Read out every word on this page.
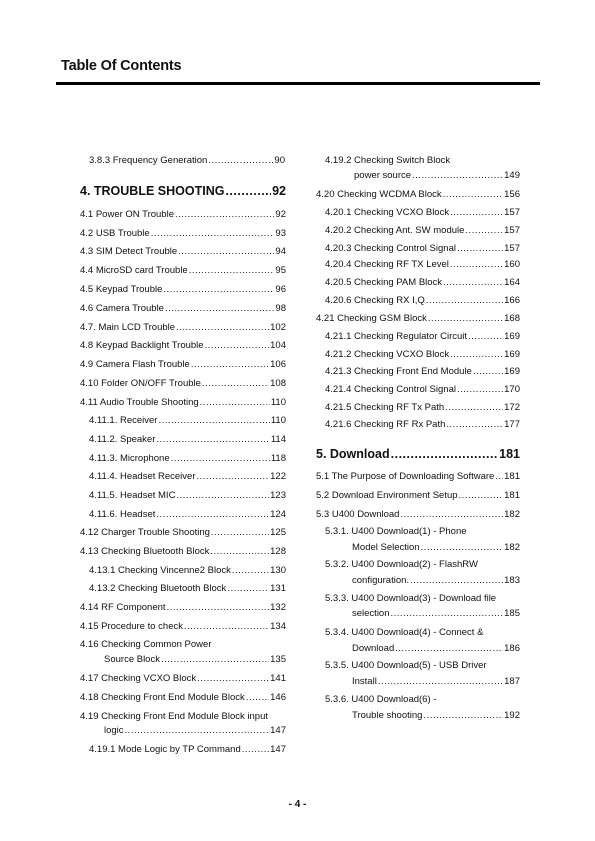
Table Of Contents
3.8.3 Frequency Generation .....	90
4. TROUBLE SHOOTING .....	92
4.1 Power ON Trouble .....	92
4.2 USB Trouble .....	93
4.3 SIM Detect Trouble .....	94
4.4 MicroSD card Trouble .....	95
4.5 Keypad Trouble .....	96
4.6 Camera Trouble .....	98
4.7. Main LCD Trouble .....	102
4.8 Keypad Backlight Trouble .....	104
4.9 Camera Flash Trouble .....	106
4.10 Folder ON/OFF Trouble .....	108
4.11 Audio Trouble Shooting .....	110
4.11.1. Receiver .....	110
4.11.2. Speaker .....	114
4.11.3. Microphone .....	118
4.11.4. Headset Receiver .....	122
4.11.5. Headset MIC .....	123
4.11.6. Headset .....	124
4.12 Charger Trouble Shooting .....	125
4.13 Checking Bluetooth Block .....	128
4.13.1 Checking Vincenne2 Block .....	130
4.13.2 Checking Bluetooth Block .....	131
4.14 RF Component .....	132
4.15 Procedure to check .....	134
4.16 Checking Common Power
Source Block .....	135
4.17 Checking VCXO Block .....	141
4.18 Checking Front End Module Block .....	146
4.19 Checking Front End Module Block input
logic .....	147
4.19.1 Mode Logic by TP Command .....	147
4.19.2 Checking Switch Block
power source .....	149
4.20 Checking WCDMA Block .....	156
4.20.1 Checking VCXO Block .....	157
4.20.2 Checking Ant. SW module .....	157
4.20.3 Checking Control Signal .....	157
4.20.4 Checking RF TX Level .....	160
4.20.5 Checking PAM Block .....	164
4.20.6 Checking RX I,Q .....	166
4.21 Checking GSM Block .....	168
4.21.1 Checking Regulator Circuit .....	169
4.21.2 Checking VCXO Block .....	169
4.21.3 Checking Front End Module .....	169
4.21.4 Checking Control Signal .....	170
4.21.5 Checking RF Tx Path .....	172
4.21.6 Checking RF Rx Path .....	177
5. Download .....	181
5.1 The Purpose of Downloading Software ..... 181
5.2 Download Environment Setup .....	181
5.3 U400 Download .....	182
5.3.1. U400 Download(1) - Phone
Model Selection .....	182
5.3.2. U400 Download(2) - FlashRW
configuration. .....	183
5.3.3. U400 Download(3) - Download file
selection .....	185
5.3.4. U400 Download(4) - Connect &
Download .....	186
5.3.5. U400 Download(5) - USB Driver
Install .....	187
5.3.6. U400 Download(6) -
Trouble shooting .....	192
- 4 -
